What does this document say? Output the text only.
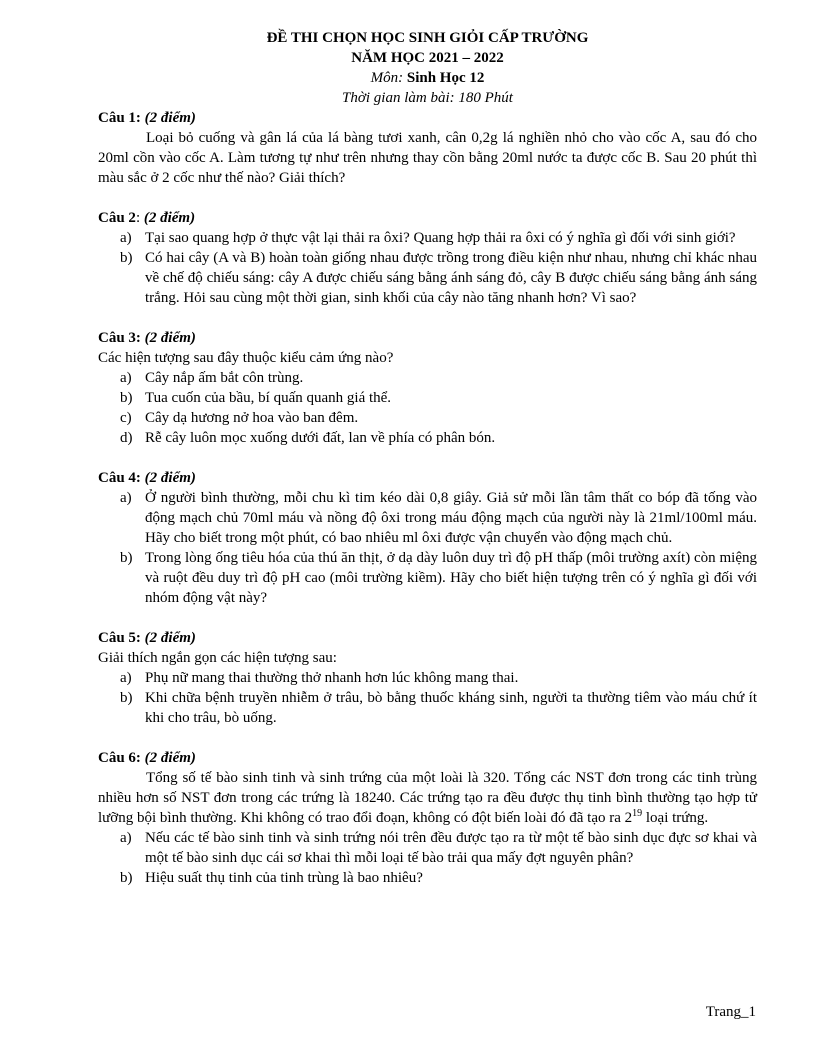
ĐỀ THI CHỌN HỌC SINH GIỎI CẤP TRƯỜNG
NĂM HỌC 2021 – 2022
Môn: Sinh Học 12
Thời gian làm bài: 180 Phút
Câu 1: (2 điểm)
Loại bỏ cuống và gân lá của lá bàng tươi xanh, cân 0,2g lá nghiền nhỏ cho vào cốc A, sau đó cho 20ml cồn vào cốc A. Làm tương tự như trên nhưng thay cồn bằng 20ml nước ta được cốc B. Sau 20 phút thì màu sắc ở 2 cốc như thế nào? Giải thích?
Câu 2: (2 điểm)
a) Tại sao quang hợp ở thực vật lại thải ra ôxi? Quang hợp thải ra ôxi có ý nghĩa gì đối với sinh giới?
b) Có hai cây (A và B) hoàn toàn giống nhau được trồng trong điều kiện như nhau, nhưng chỉ khác nhau về chế độ chiếu sáng: cây A được chiếu sáng bằng ánh sáng đỏ, cây B được chiếu sáng bằng ánh sáng trắng. Hỏi sau cùng một thời gian, sinh khối của cây nào tăng nhanh hơn? Vì sao?
Câu 3: (2 điểm)
Các hiện tượng sau đây thuộc kiểu cảm ứng nào?
a) Cây nắp ấm bắt côn trùng.
b) Tua cuốn của bầu, bí quấn quanh giá thể.
c) Cây dạ hương nở hoa vào ban đêm.
d) Rễ cây luôn mọc xuống dưới đất, lan về phía có phân bón.
Câu 4: (2 điểm)
a) Ở người bình thường, mỗi chu kì tim kéo dài 0,8 giây. Giả sử mỗi lần tâm thất co bóp đã tống vào động mạch chủ 70ml máu và nồng độ ôxi trong máu động mạch của người này là 21ml/100ml máu. Hãy cho biết trong một phút, có bao nhiêu ml ôxi được vận chuyển vào động mạch chủ.
b) Trong lòng ống tiêu hóa của thú ăn thịt, ở dạ dày luôn duy trì độ pH thấp (môi trường axít) còn miệng và ruột đều duy trì độ pH cao (môi trường kiềm). Hãy cho biết hiện tượng trên có ý nghĩa gì đối với nhóm động vật này?
Câu 5: (2 điểm)
Giải thích ngắn gọn các hiện tượng sau:
a) Phụ nữ mang thai thường thở nhanh hơn lúc không mang thai.
b) Khi chữa bệnh truyền nhiễm ở trâu, bò bằng thuốc kháng sinh, người ta thường tiêm vào máu chứ ít khi cho trâu, bò uống.
Câu 6: (2 điểm)
Tổng số tế bào sinh tinh và sinh trứng của một loài là 320. Tổng các NST đơn trong các tinh trùng nhiều hơn số NST đơn trong các trứng là 18240. Các trứng tạo ra đều được thụ tinh bình thường tạo hợp tử lưỡng bội bình thường. Khi không có trao đổi đoạn, không có đột biến loài đó đã tạo ra $2^{19}$ loại trứng.
a) Nếu các tế bào sinh tinh và sinh trứng nói trên đều được tạo ra từ một tế bào sinh dục đực sơ khai và một tế bào sinh dục cái sơ khai thì mỗi loại tế bào trải qua mấy đợt nguyên phân?
b) Hiệu suất thụ tinh của tinh trùng là bao nhiêu?
Trang_1
